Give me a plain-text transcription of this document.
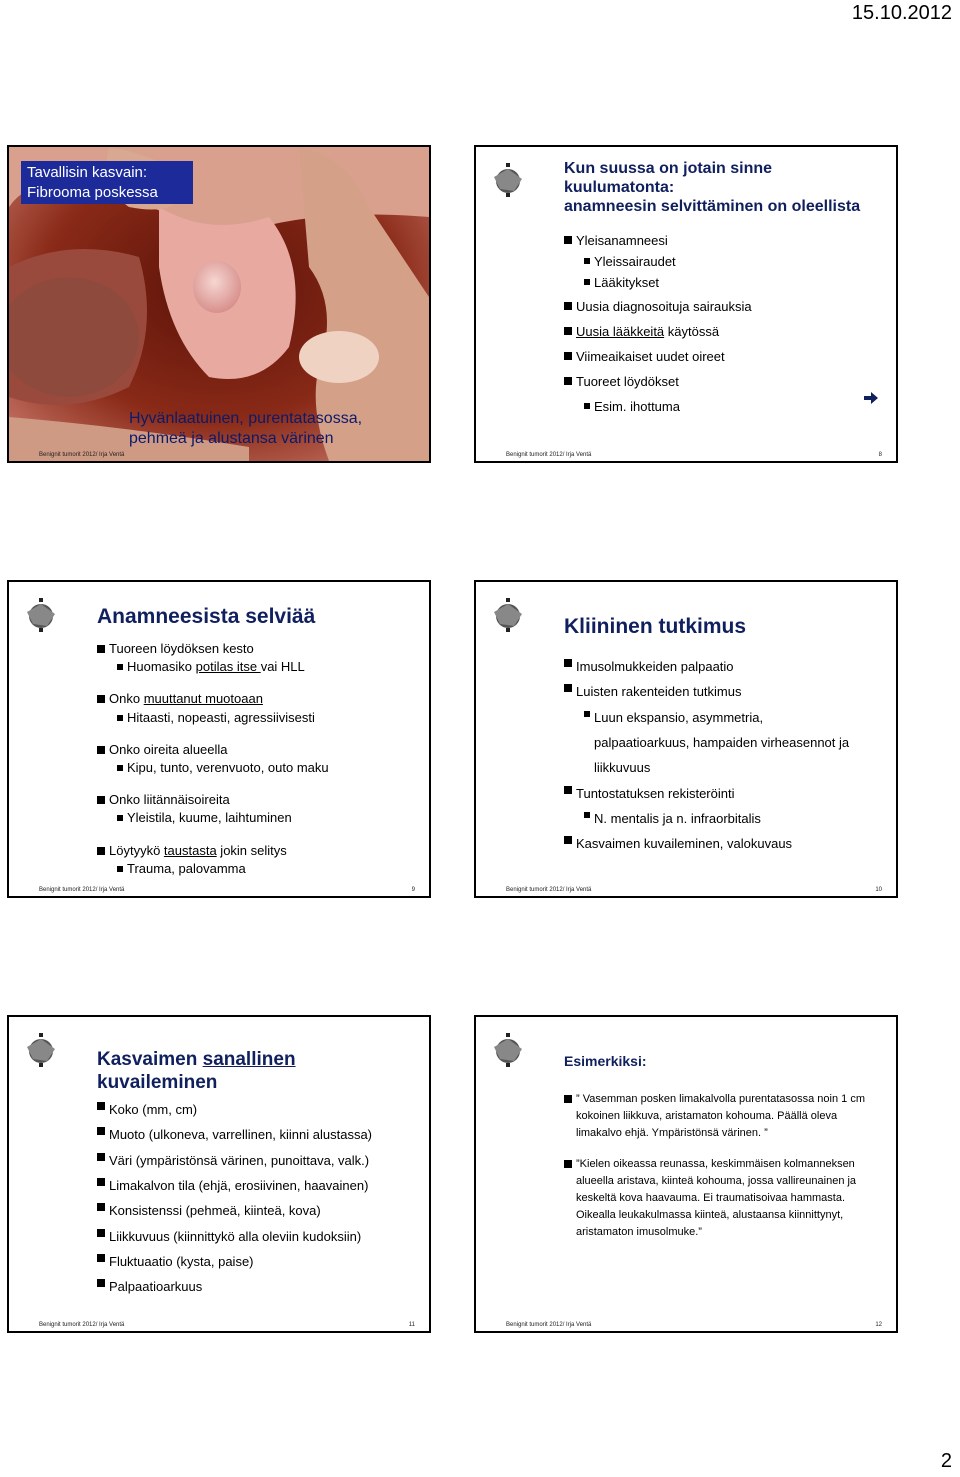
15.10.2012
Tavallisin kasvain:
Fibrooma poskessa
Hyvänlaatuinen, purentatasossa,
pehmeä ja alustansa värinen
Benignit tumorit 2012/ Irja Ventä
Kun suussa on jotain sinne
kuulumatonta:
anamneesin selvittäminen on oleellista
Yleisanamneesi
Yleissairaudet
Lääkitykset
Uusia diagnosoituja sairauksia
Uusia lääkkeitä käytössä
Viimeaikaiset uudet oireet
Tuoreet löydökset
Esim. ihottuma
Benignit tumorit 2012/ Irja Ventä	8
Anamneesista selviää
Tuoreen löydöksen kesto
Huomasiko potilas itse vai HLL
Onko muuttanut muotoaan
Hitaasti, nopeasti, agressiivisesti
Onko oireita alueella
Kipu, tunto, verenvuoto, outo maku
Onko liitännäisoireita
Yleistila, kuume, laihtuminen
Löytyykö taustasta jokin selitys
Trauma, palovamma
Benignit tumorit 2012/ Irja Ventä	9
Kliininen tutkimus
Imusolmukkeiden palpaatio
Luisten rakenteiden tutkimus
Luun ekspansio, asymmetria,
palpaatioarkuus, hampaiden virheasennot ja
liikkuvuus
Tuntostatuksen rekisteröinti
N. mentalis ja n. infraorbitalis
Kasvaimen kuvaileminen, valokuvaus
Benignit tumorit 2012/ Irja Ventä	10
Kasvaimen sanallinen kuvaileminen
Koko (mm, cm)
Muoto (ulkoneva, varrellinen, kiinni alustassa)
Väri (ympäristönsä värinen, punoittava, valk.)
Limakalvon tila (ehjä, erosiivinen, haavainen)
Konsistenssi (pehmeä, kiinteä, kova)
Liikkuvuus (kiinnittykö alla oleviin kudoksiin)
Fluktuaatio (kysta, paise)
Palpaatioarkuus
Benignit tumorit 2012/ Irja Ventä	11
Esimerkiksi:
” Vasemman posken limakalvolla purentatasossa noin 1 cm kokoinen liikkuva, aristamaton kohouma. Päällä oleva limakalvo ehjä. Ympäristönsä värinen. ”
”Kielen oikeassa reunassa, keskimmäisen kolmanneksen alueella aristava, kiinteä kohouma, jossa vallireunainen ja keskeltä kova haavauma. Ei traumatisoivaa hammasta. Oikealla leukakulmassa kiinteä, alustaansa kiinnittynyt, aristamaton imusolmuke.”
Benignit tumorit 2012/ Irja Ventä	12
2
